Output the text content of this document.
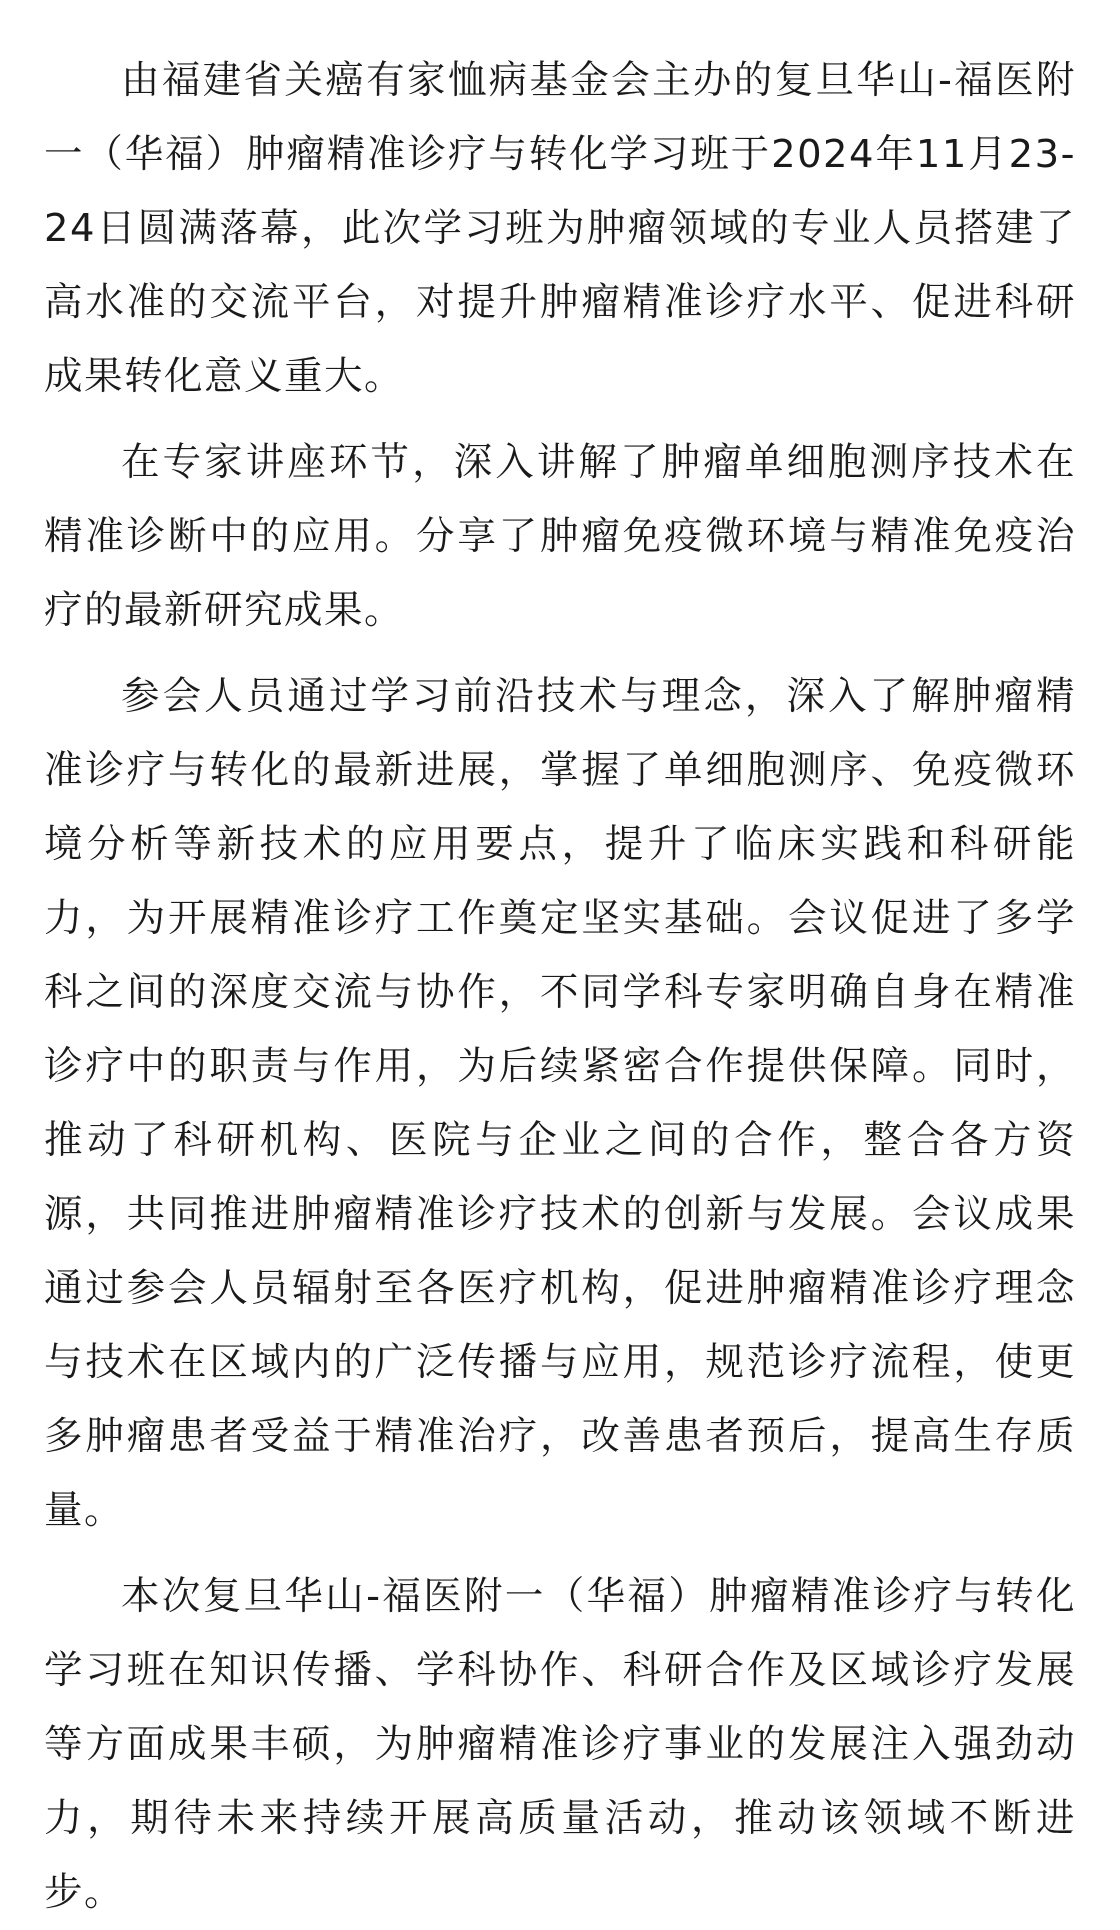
由福建省关癌有家恤病基金会主办的复旦华山-福医附一（华福）肿瘤精准诊疗与转化学习班于2024年11月23-24日圆满落幕，此次学习班为肿瘤领域的专业人员搭建了高水准的交流平台，对提升肿瘤精准诊疗水平、促进科研成果转化意义重大。

在专家讲座环节，深入讲解了肿瘤单细胞测序技术在精准诊断中的应用。分享了肿瘤免疫微环境与精准免疫治疗的最新研究成果。

参会人员通过学习前沿技术与理念，深入了解肿瘤精准诊疗与转化的最新进展，掌握了单细胞测序、免疫微环境分析等新技术的应用要点，提升了临床实践和科研能力，为开展精准诊疗工作奠定坚实基础。会议促进了多学科之间的深度交流与协作，不同学科专家明确自身在精准诊疗中的职责与作用，为后续紧密合作提供保障。同时，推动了科研机构、医院与企业之间的合作，整合各方资源，共同推进肿瘤精准诊疗技术的创新与发展。会议成果通过参会人员辐射至各医疗机构，促进肿瘤精准诊疗理念与技术在区域内的广泛传播与应用，规范诊疗流程，使更多肿瘤患者受益于精准治疗，改善患者预后，提高生存质量。

本次复旦华山-福医附一（华福）肿瘤精准诊疗与转化学习班在知识传播、学科协作、科研合作及区域诊疗发展等方面成果丰硕，为肿瘤精准诊疗事业的发展注入强劲动力，期待未来持续开展高质量活动，推动该领域不断进步。
